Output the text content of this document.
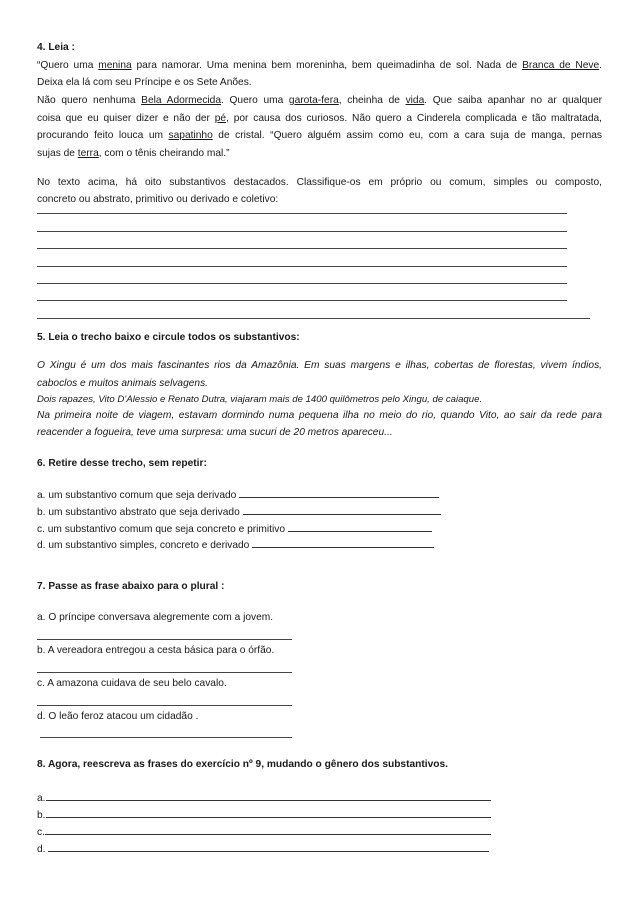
4. Leia :
“Quero uma menina para namorar. Uma menina bem moreninha, bem queimadinha de sol. Nada de Branca de Neve.
Deixa ela lá com seu Príncipe e os Sete Anões.
Não quero nenhuma Bela Adormecida. Quero uma garota-fera, cheinha de vida. Que saiba apanhar no ar qualquer
coisa que eu quiser dizer e não der pé, por causa dos curiosos. Não quero a Cinderela complicada e tão maltratada,
procurando feito louca um sapatinho de cristal. “Quero alguém assim como eu, com a cara suja de manga, pernas
sujas de terra, com o tênis cheirando mal.”
No texto acima, há oito substantivos destacados. Classifique-os em próprio ou comum, simples ou composto,
concreto ou abstrato, primitivo ou derivado e coletivo:
5. Leia o trecho baixo e circule todos os substantivos:
O Xingu é um dos mais fascinantes rios da Amazônia. Em suas margens e ilhas, cobertas de florestas, vivem índios,
caboclos e muitos animais selvagens.
Dois rapazes, Vito D’Alessio e Renato Dutra, viajaram mais de 1400 quilômetros pelo Xingu, de caiaque.
Na primeira noite de viagem, estavam dormindo numa pequena ilha no meio do rio, quando Vito, ao sair da rede para
reacender a fogueira, teve uma surpresa: uma sucuri de 20 metros apareceu...
6. Retire desse trecho, sem repetir:
a. um substantivo comum que seja derivado
b. um substantivo abstrato que seja derivado
c. um substantivo comum que seja concreto e primitivo
d. um substantivo simples, concreto e derivado
7. Passe as frase abaixo para o plural :
a. O príncipe conversava alegremente com a jovem.
b. A vereadora entregou a cesta básica para o órfão.
c. A amazona cuidava de seu belo cavalo.
d. O leão feroz atacou um cidadão .
8. Agora, reescreva as frases do exercício nº 9, mudando o gênero dos substantivos.
a.
b.
c.
d.
